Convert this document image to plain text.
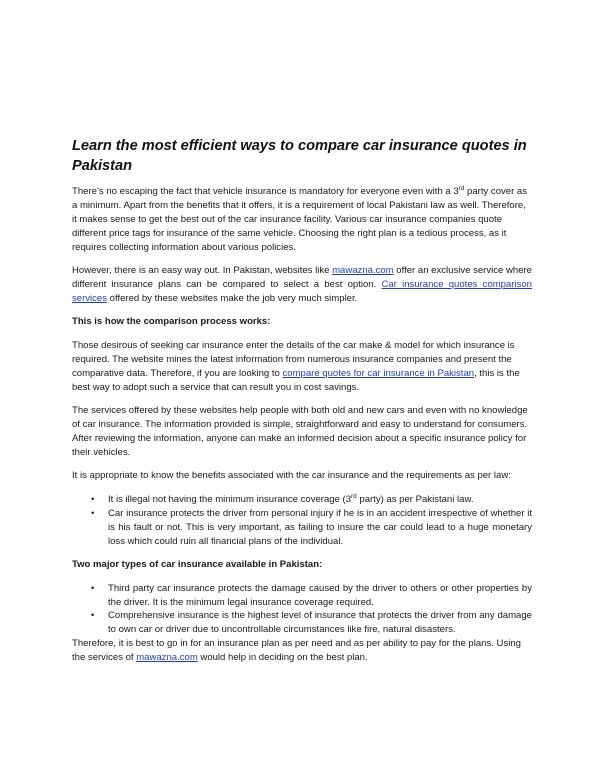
Learn the most efficient ways to compare car insurance quotes in Pakistan

There’s no escaping the fact that vehicle insurance is mandatory for everyone even with a 3rd party cover as a minimum. Apart from the benefits that it offers, it is a requirement of local Pakistani law as well. Therefore, it makes sense to get the best out of the car insurance facility. Various car insurance companies quote different price tags for insurance of the same vehicle. Choosing the right plan is a tedious process, as it requires collecting information about various policies.

However, there is an easy way out. In Pakistan, websites like mawazna.com offer an exclusive service where different insurance plans can be compared to select a best option. Car insurance quotes comparison services offered by these websites make the job very much simpler.

This is how the comparison process works:

Those desirous of seeking car insurance enter the details of the car make & model for which insurance is required. The website mines the latest information from numerous insurance companies and present the comparative data. Therefore, if you are looking to compare quotes for car insurance in Pakistan, this is the best way to adopt such a service that can result you in cost savings.

The services offered by these websites help people with both old and new cars and even with no knowledge of car insurance. The information provided is simple, straightforward and easy to understand for consumers. After reviewing the information, anyone can make an informed decision about a specific insurance policy for their vehicles.

It is appropriate to know the benefits associated with the car insurance and the requirements as per law:

• It is illegal not having the minimum insurance coverage (3rd party) as per Pakistani law.
• Car insurance protects the driver from personal injury if he is in an accident irrespective of whether it is his fault or not. This is very important, as failing to insure the car could lead to a huge monetary loss which could ruin all financial plans of the individual.

Two major types of car insurance available in Pakistan:

• Third party car insurance protects the damage caused by the driver to others or other properties by the driver. It is the minimum legal insurance coverage required.
• Comprehensive insurance is the highest level of insurance that protects the driver from any damage to own car or driver due to uncontrollable circumstances like fire, natural disasters.

Therefore, it is best to go in for an insurance plan as per need and as per ability to pay for the plans. Using the services of mawazna.com would help in deciding on the best plan.
